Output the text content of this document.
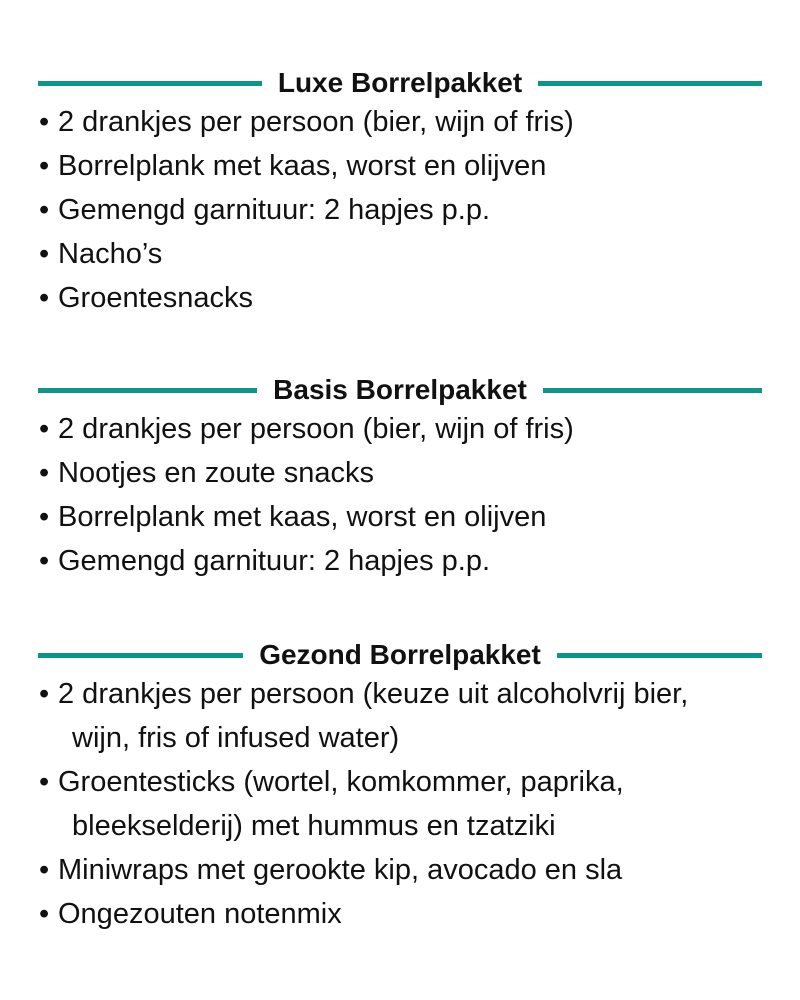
Luxe Borrelpakket
• 2 drankjes per persoon (bier, wijn of fris)
• Borrelplank met kaas, worst en olijven
• Gemengd garnituur: 2 hapjes p.p.
• Nacho’s
• Groentesnacks
Basis Borrelpakket
• 2 drankjes per persoon (bier, wijn of fris)
• Nootjes en zoute snacks
• Borrelplank met kaas, worst en olijven
• Gemengd garnituur: 2 hapjes p.p.
Gezond Borrelpakket
• 2 drankjes per persoon (keuze uit alcoholvrij bier,
wijn, fris of infused water)
• Groentesticks (wortel, komkommer, paprika,
bleekselderij) met hummus en tzatziki
• Miniwraps met gerookte kip, avocado en sla
• Ongezouten notenmix
